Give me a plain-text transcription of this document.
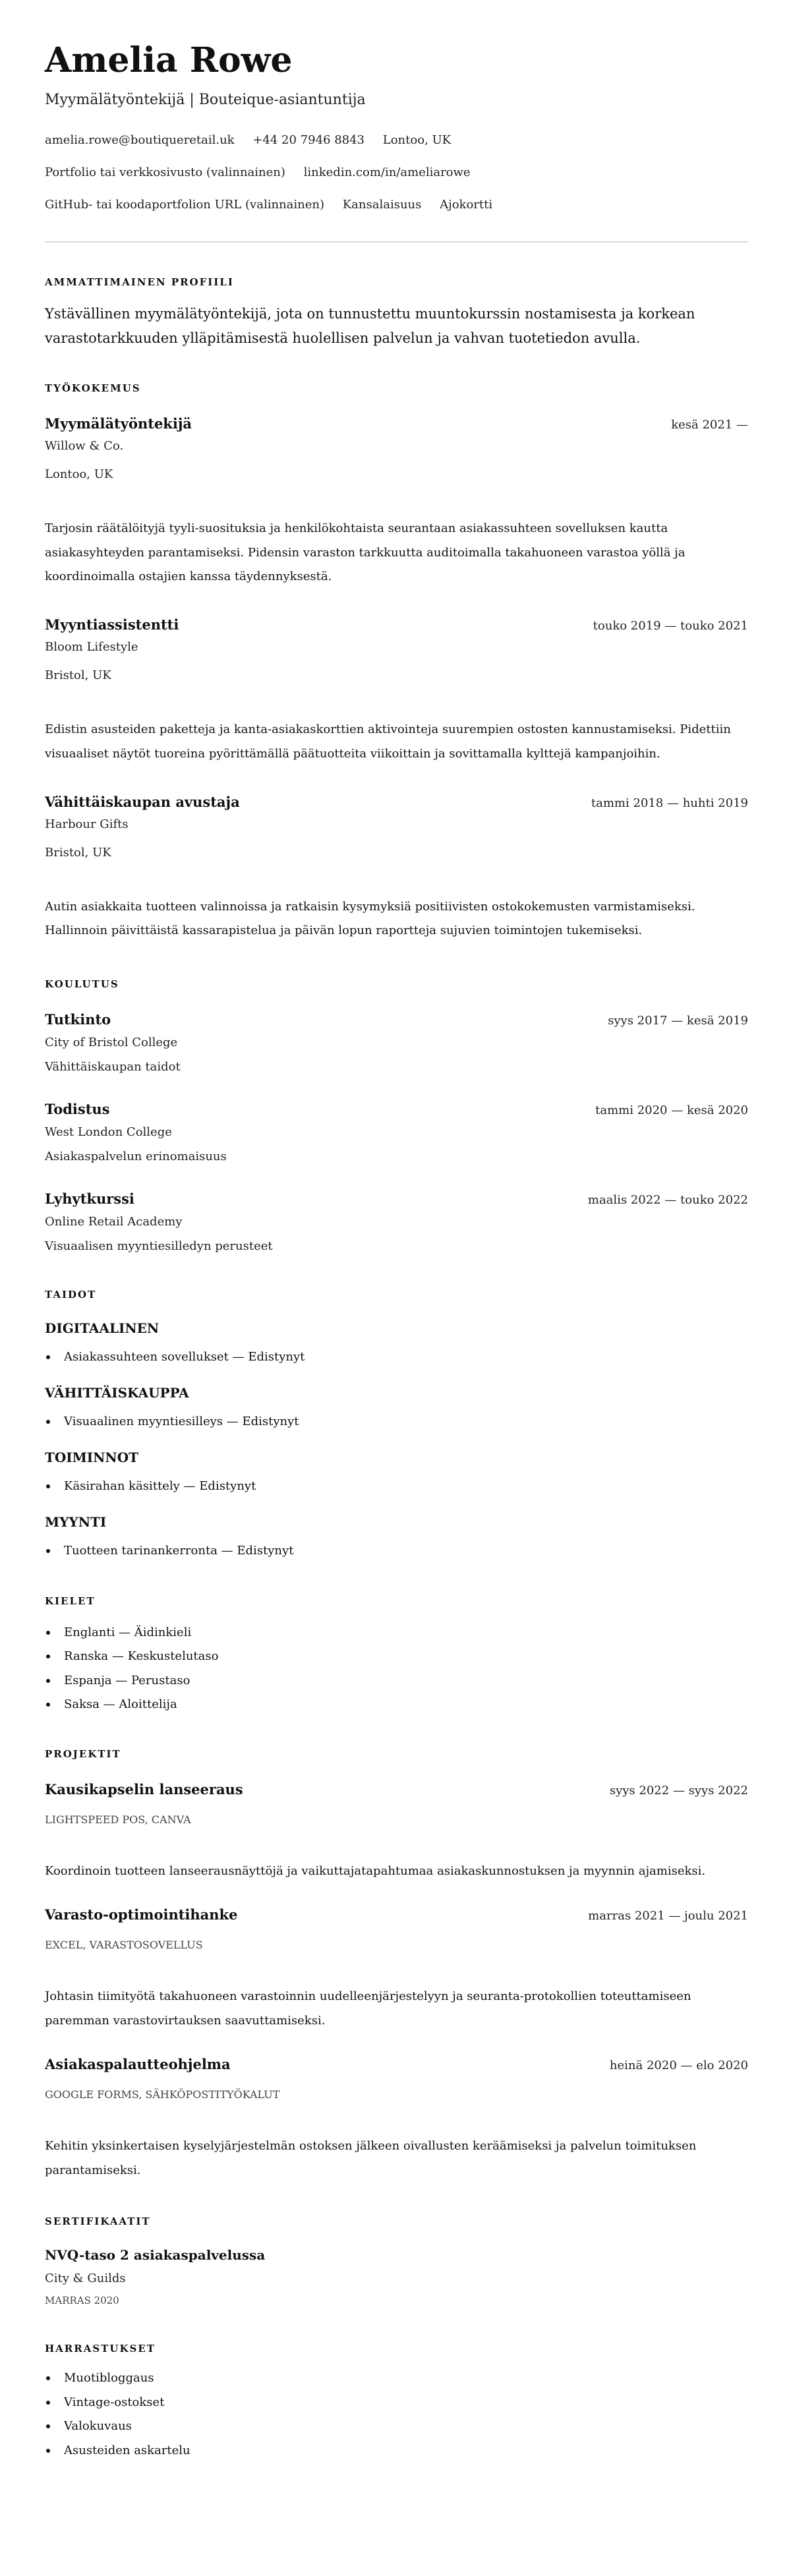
Amelia Rowe
Myymälätyöntekijä | Bouteique-asiantuntija
amelia.rowe@boutiqueretail.uk +44 20 7946 8843 Lontoo, UK
Portfolio tai verkkosivusto (valinnainen) linkedin.com/in/ameliarowe
GitHub- tai koodaportfolion URL (valinnainen) Kansalaisuus Ajokortti
AMMATTIMAINEN PROFIILI
Ystävällinen myymälätyöntekijä, jota on tunnustettu muuntokurssin nostamisesta ja korkean varastotarkkuuden ylläpitämisestä huolellisen palvelun ja vahvan tuotetiedon avulla.
TYÖKOKEMUS
Myymälätyöntekijä	kesä 2021 —
Willow & Co.
Lontoo, UK
Tarjosin räätälöityjä tyyli-suosituksia ja henkilökohtaista seurantaan asiakassuhteen sovelluksen kautta asiakasyhteyden parantamiseksi. Pidensin varaston tarkkuutta auditoimalla takahuoneen varastoa yöllä ja koordinoimalla ostajien kanssa täydennyksestä.
Myyntiassistentti	touko 2019 — touko 2021
Bloom Lifestyle
Bristol, UK
Edistin asusteiden paketteja ja kanta-asiakaskorttien aktivointeja suurempien ostosten kannustamiseksi. Pidettiin visuaaliset näytöt tuoreina pyörittämällä päätuotteita viikoittain ja sovittamalla kylttejä kampanjoihin.
Vähittäiskaupan avustaja	tammi 2018 — huhti 2019
Harbour Gifts
Bristol, UK
Autin asiakkaita tuotteen valinnoissa ja ratkaisin kysymyksiä positiivisten ostokokemusten varmistamiseksi. Hallinnoin päivittäistä kassarapistelua ja päivän lopun raportteja sujuvien toimintojen tukemiseksi.
KOULUTUS
Tutkinto	syys 2017 — kesä 2019
City of Bristol College
Vähittäiskaupan taidot
Todistus	tammi 2020 — kesä 2020
West London College
Asiakaspalvelun erinomaisuus
Lyhytkurssi	maalis 2022 — touko 2022
Online Retail Academy
Visuaalisen myyntiesilledyn perusteet
TAIDOT
DIGITAALINEN
Asiakassuhteen sovellukset — Edistynyt
VÄHITTÄISKAUPPA
Visuaalinen myyntiesilleys — Edistynyt
TOIMINNOT
Käsirahan käsittely — Edistynyt
MYYNTI
Tuotteen tarinankerronta — Edistynyt
KIELET
Englanti — Äidinkieli
Ranska — Keskustelutaso
Espanja — Perustaso
Saksa — Aloittelija
PROJEKTIT
Kausikapselin lanseeraus	syys 2022 — syys 2022
LIGHTSPEED POS, CANVA
Koordinoin tuotteen lanseerausnäyttöjä ja vaikuttajatapahtumaa asiakaskunnostuksen ja myynnin ajamiseksi.
Varasto-optimointihanke	marras 2021 — joulu 2021
EXCEL, VARASTOSOVELLUS
Johtasin tiimityötä takahuoneen varastoinnin uudelleenjärjestelyyn ja seuranta-protokollien toteuttamiseen paremman varastovirtauksen saavuttamiseksi.
Asiakaspalautteohjelma	heinä 2020 — elo 2020
GOOGLE FORMS, SÄHKÖPOSTITYÖKALUT
Kehitin yksinkertaisen kyselyjärjestelmän ostoksen jälkeen oivallusten keräämiseksi ja palvelun toimituksen parantamiseksi.
SERTIFIKAATIT
NVQ-taso 2 asiakaspalvelussa
City & Guilds
MARRAS 2020
HARRASTUKSET
Muotibloggaus
Vintage-ostokset
Valokuvaus
Asusteiden askartelu
